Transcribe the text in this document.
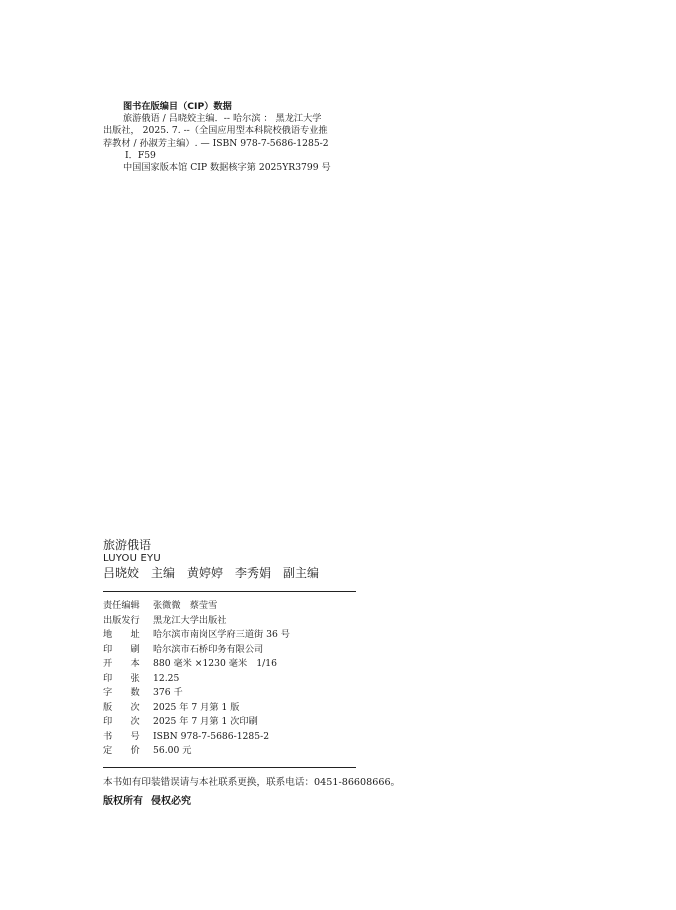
图书在版编目（CIP）数据
旅游俄语 / 吕晓姣主编．-- 哈尔滨 ： 黑龙江大学
出版社， 2025. 7. --（全国应用型本科院校俄语专业推
荐教材 / 孙淑芳主编）. — ISBN 978-7-5686-1285-2
Ⅰ．F59
中国国家版本馆 CIP 数据核字第 2025YR3799 号
旅游俄语
LUYOU EYU
吕晓姣　主编 黄婷婷　李秀娟　副主编
责任编辑	张微微　蔡莹雪
出版发行	黑龙江大学出版社
地　　址	哈尔滨市南岗区学府三道街 36 号
印　　刷	哈尔滨市石桥印务有限公司
开　　本	880 毫米 ×1230 毫米　1/16
印　　张	12.25
字　　数	376 千
版　　次	2025 年 7 月第 1 版
印　　次	2025 年 7 月第 1 次印刷
书　　号	ISBN 978-7-5686-1285-2
定　　价	56.00 元
本书如有印装错误请与本社联系更换，联系电话：0451-86608666。
版权所有 侵权必究
